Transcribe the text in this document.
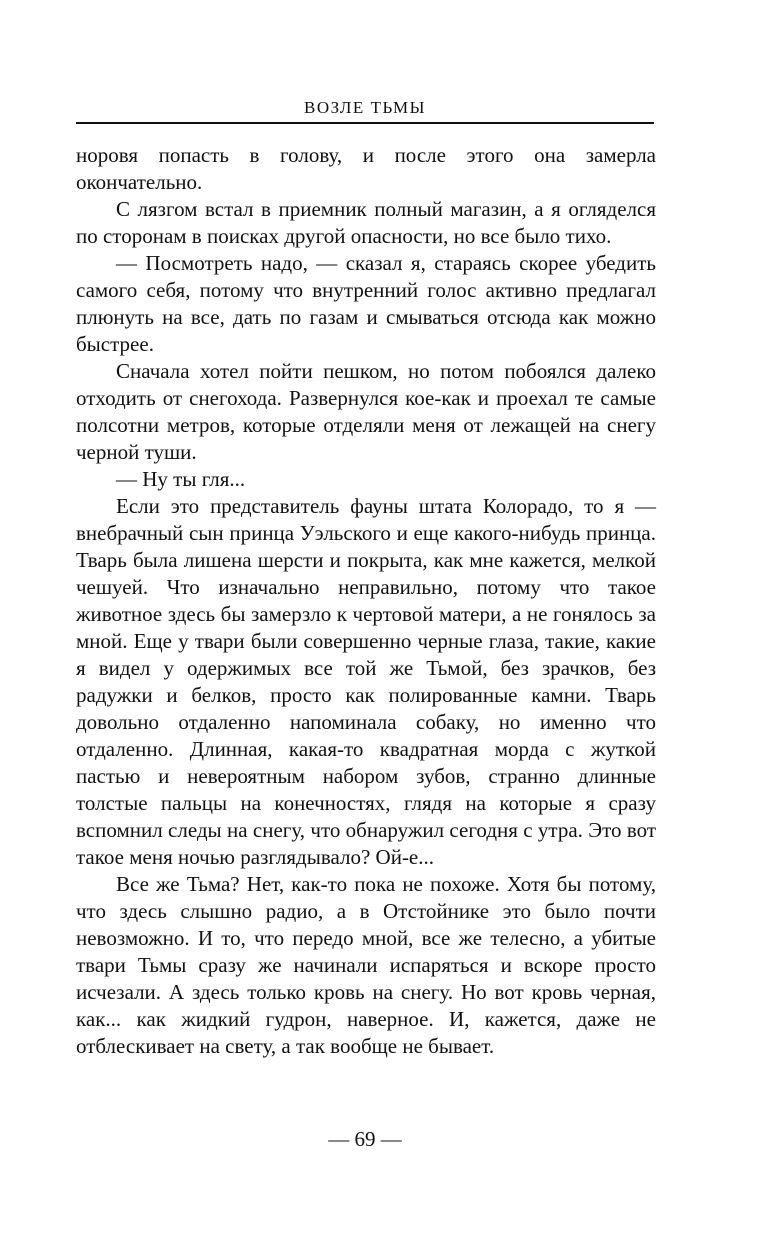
ВОЗЛЕ ТЬМЫ

норовя попасть в голову, и после этого она замерла окончательно.

С лязгом встал в приемник полный магазин, а я огляделся по сторонам в поисках другой опасности, но все было тихо.

— Посмотреть надо, — сказал я, стараясь скорее убедить самого себя, потому что внутренний голос активно предлагал плюнуть на все, дать по газам и смываться отсюда как можно быстрее.

Сначала хотел пойти пешком, но потом побоялся далеко отходить от снегохода. Развернулся кое-как и проехал те самые полсотни метров, которые отделяли меня от лежащей на снегу черной туши.

— Ну ты гля...

Если это представитель фауны штата Колорадо, то я — внебрачный сын принца Уэльского и еще какого-нибудь принца. Тварь была лишена шерсти и покрыта, как мне кажется, мелкой чешуей. Что изначально неправильно, потому что такое животное здесь бы замерзло к чертовой матери, а не гонялось за мной. Еще у твари были совершенно черные глаза, такие, какие я видел у одержимых все той же Тьмой, без зрачков, без радужки и белков, просто как полированные камни. Тварь довольно отдаленно напоминала собаку, но именно что отдаленно. Длинная, какая-то квадратная морда с жуткой пастью и невероятным набором зубов, странно длинные толстые пальцы на конечностях, глядя на которые я сразу вспомнил следы на снегу, что обнаружил сегодня с утра. Это вот такое меня ночью разглядывало? Ой-е...

Все же Тьма? Нет, как-то пока не похоже. Хотя бы потому, что здесь слышно радио, а в Отстойнике это было почти невозможно. И то, что передо мной, все же телесно, а убитые твари Тьмы сразу же начинали испаряться и вскоре просто исчезали. А здесь только кровь на снегу. Но вот кровь черная, как... как жидкий гудрон, наверное. И, кажется, даже не отблескивает на свету, а так вообще не бывает.

— 69 —
